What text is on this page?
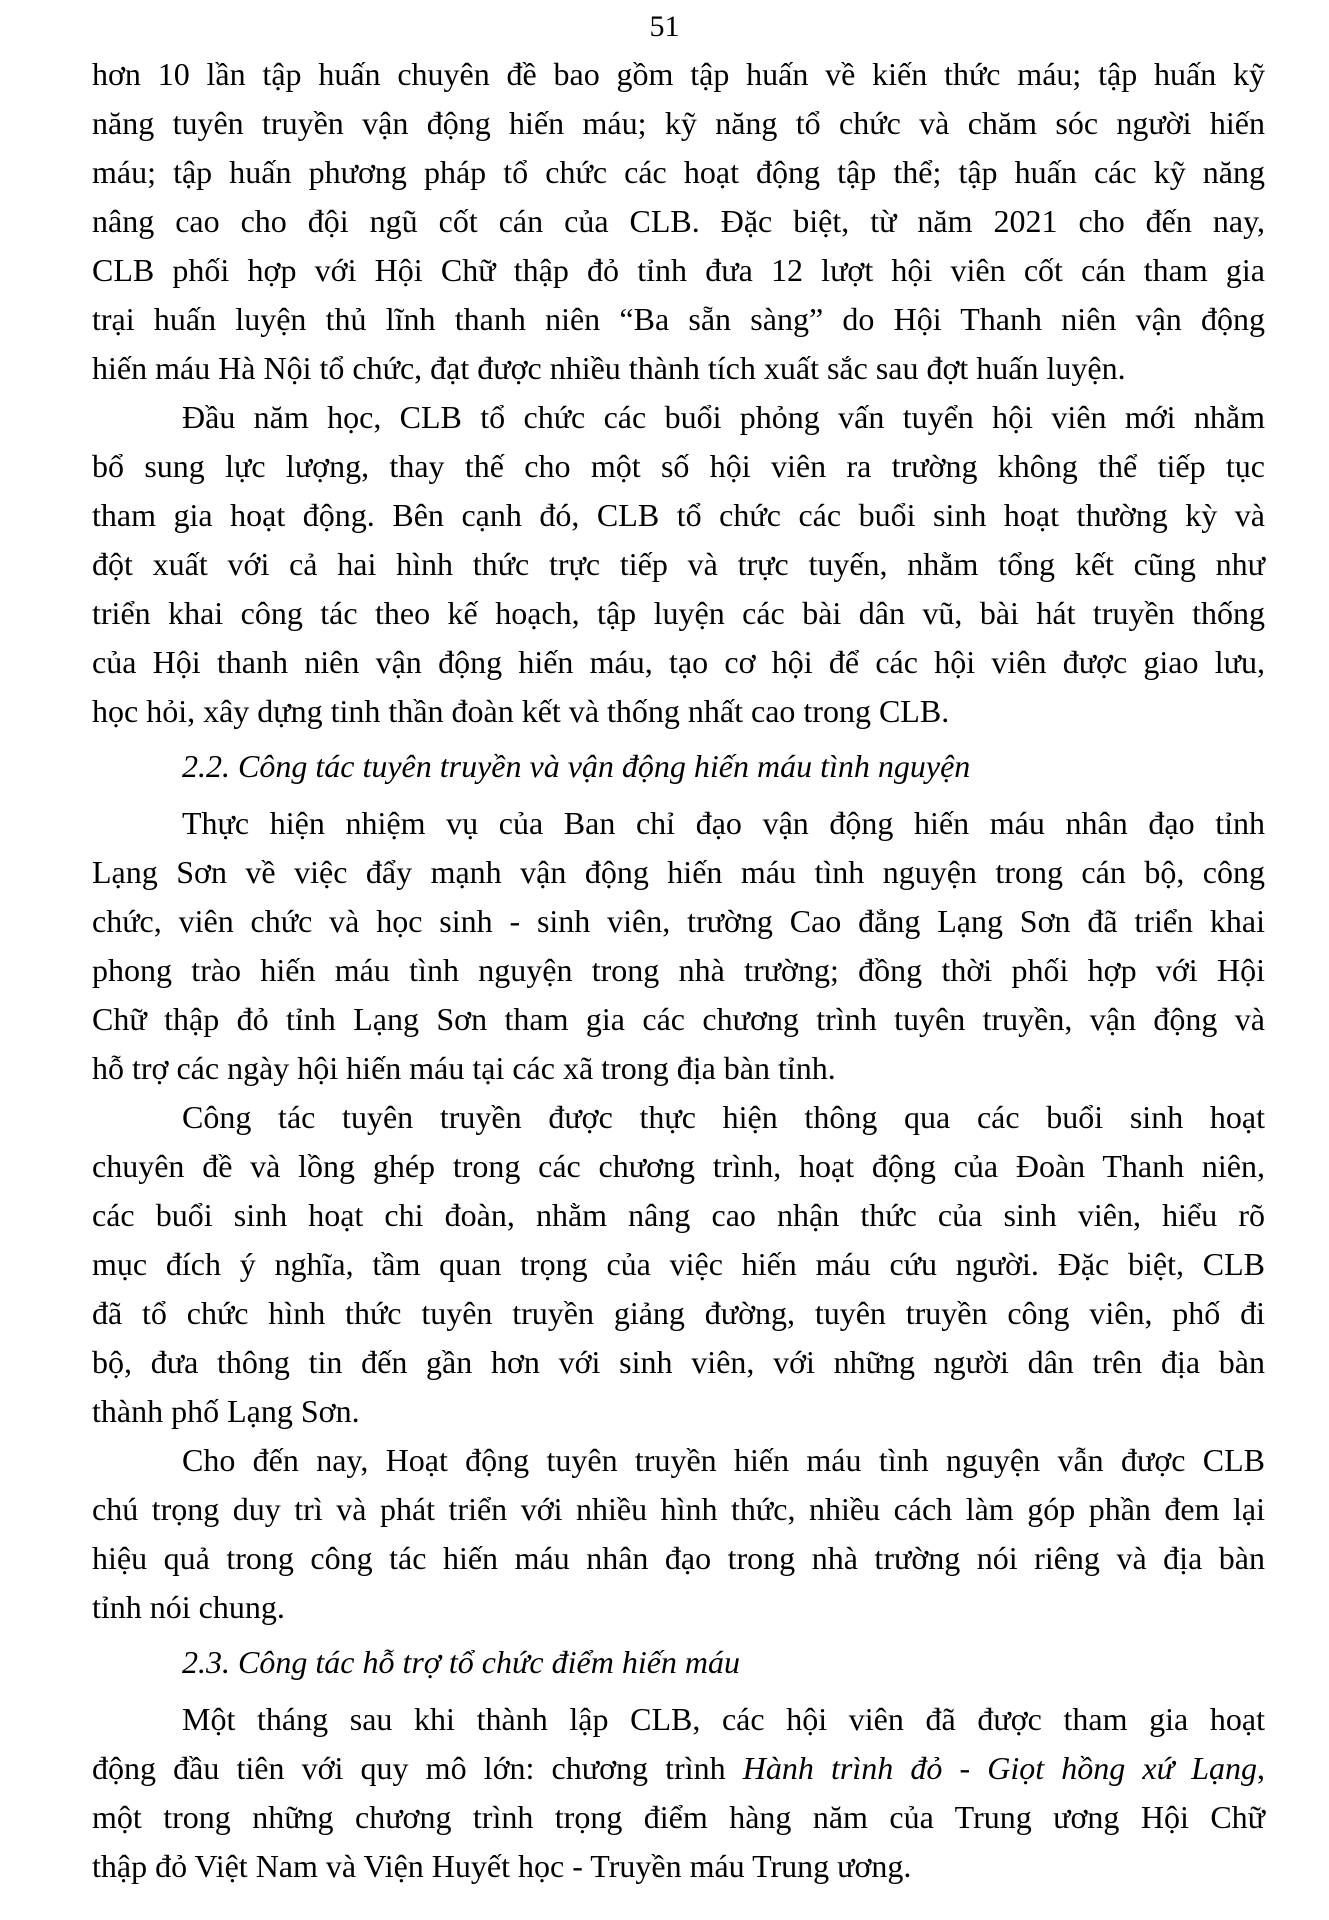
51
hơn 10 lần tập huấn chuyên đề bao gồm tập huấn về kiến thức máu; tập huấn kỹ
năng tuyên truyền vận động hiến máu; kỹ năng tổ chức và chăm sóc người hiến
máu; tập huấn phương pháp tổ chức các hoạt động tập thể; tập huấn các kỹ năng
nâng cao cho đội ngũ cốt cán của CLB. Đặc biệt, từ năm 2021 cho đến nay,
CLB phối hợp với Hội Chữ thập đỏ tỉnh đưa 12 lượt hội viên cốt cán tham gia
trại huấn luyện thủ lĩnh thanh niên “Ba sẵn sàng” do Hội Thanh niên vận động
hiến máu Hà Nội tổ chức, đạt được nhiều thành tích xuất sắc sau đợt huấn luyện.
Đầu năm học, CLB tổ chức các buổi phỏng vấn tuyển hội viên mới nhằm
bổ sung lực lượng, thay thế cho một số hội viên ra trường không thể tiếp tục
tham gia hoạt động. Bên cạnh đó, CLB tổ chức các buổi sinh hoạt thường kỳ và
đột xuất với cả hai hình thức trực tiếp và trực tuyến, nhằm tổng kết cũng như
triển khai công tác theo kế hoạch, tập luyện các bài dân vũ, bài hát truyền thống
của Hội thanh niên vận động hiến máu, tạo cơ hội để các hội viên được giao lưu,
học hỏi, xây dựng tinh thần đoàn kết và thống nhất cao trong CLB.
2.2. Công tác tuyên truyền và vận động hiến máu tình nguyện
Thực hiện nhiệm vụ của Ban chỉ đạo vận động hiến máu nhân đạo tỉnh
Lạng Sơn về việc đẩy mạnh vận động hiến máu tình nguyện trong cán bộ, công
chức, viên chức và học sinh - sinh viên, trường Cao đẳng Lạng Sơn đã triển khai
phong trào hiến máu tình nguyện trong nhà trường; đồng thời phối hợp với Hội
Chữ thập đỏ tỉnh Lạng Sơn tham gia các chương trình tuyên truyền, vận động và
hỗ trợ các ngày hội hiến máu tại các xã trong địa bàn tỉnh.
Công tác tuyên truyền được thực hiện thông qua các buổi sinh hoạt
chuyên đề và lồng ghép trong các chương trình, hoạt động của Đoàn Thanh niên,
các buổi sinh hoạt chi đoàn, nhằm nâng cao nhận thức của sinh viên, hiểu rõ
mục đích ý nghĩa, tầm quan trọng của việc hiến máu cứu người. Đặc biệt, CLB
đã tổ chức hình thức tuyên truyền giảng đường, tuyên truyền công viên, phố đi
bộ, đưa thông tin đến gần hơn với sinh viên, với những người dân trên địa bàn
thành phố Lạng Sơn.
Cho đến nay, Hoạt động tuyên truyền hiến máu tình nguyện vẫn được CLB
chú trọng duy trì và phát triển với nhiều hình thức, nhiều cách làm góp phần đem lại
hiệu quả trong công tác hiến máu nhân đạo trong nhà trường nói riêng và địa bàn
tỉnh nói chung.
2.3. Công tác hỗ trợ tổ chức điểm hiến máu
Một tháng sau khi thành lập CLB, các hội viên đã được tham gia hoạt
động đầu tiên với quy mô lớn: chương trình Hành trình đỏ - Giọt hồng xứ Lạng,
một trong những chương trình trọng điểm hàng năm của Trung ương Hội Chữ
thập đỏ Việt Nam và Viện Huyết học - Truyền máu Trung ương.
